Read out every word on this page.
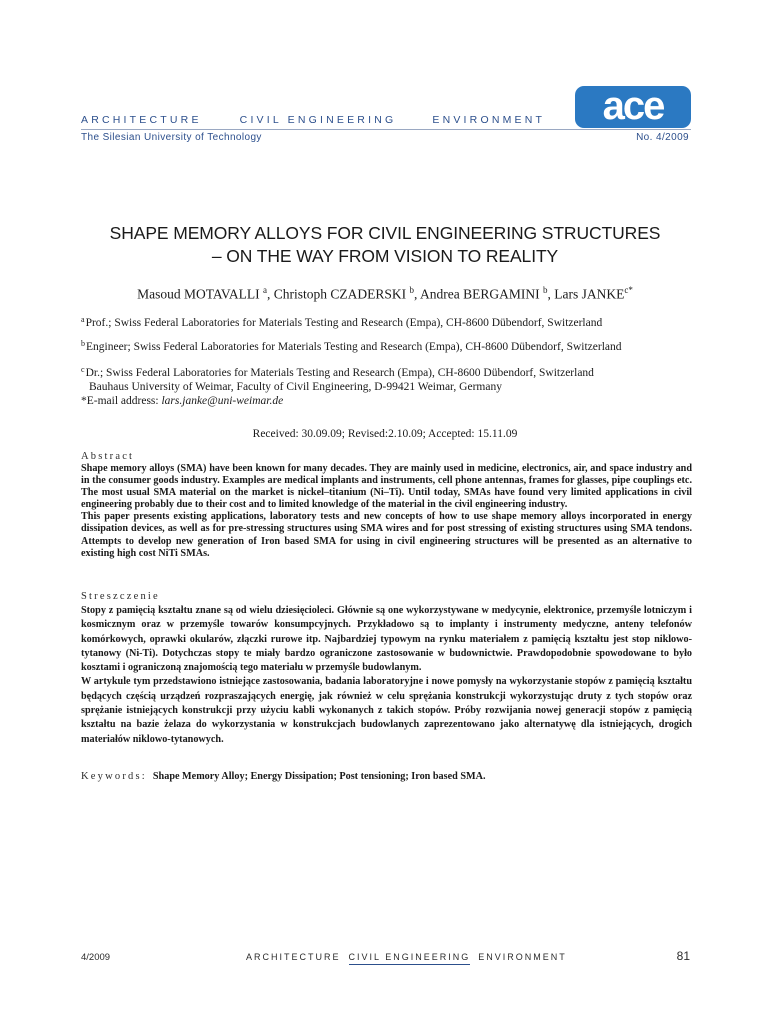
ARCHITECTURE	CIVIL ENGINEERING	ENVIRONMENT ace
The Silesian University of Technology	No. 4/2009
SHAPE MEMORY ALLOYS FOR CIVIL ENGINEERING STRUCTURES
– ON THE WAY FROM VISION TO REALITY
Masoud MOTAVALLI $^a$, Christoph CZADERSKI $^b$, Andrea BERGAMINI $^b$, Lars $JANKE^{c*}$
$^a$Prof.; Swiss Federal Laboratories for Materials Testing and Research (Empa), CH-8600 Dübendorf, Switzerland
$^b$Engineer; Swiss Federal Laboratories for Materials Testing and Research (Empa), CH-8600 Dübendorf, Switzerland
$^c$Dr.; Swiss Federal Laboratories for Materials Testing and Research (Empa), CH-8600 Dübendorf, Switzerland
Bauhaus University of Weimar, Faculty of Civil Engineering, D-99421 Weimar, Germany
*E-mail address: lars.janke@uni-weimar.de
Received: 30.09.09; Revised:2.10.09; Accepted: 15.11.09
Abstract

Shape memory alloys (SMA) have been known for many decades. They are mainly used in medicine, electronics, air, and space industry and in the consumer goods industry. Examples are medical implants and instruments, cell phone antennas, frames for glasses, pipe couplings etc. The most usual SMA material on the market is nickel–titanium (Ni–Ti). Until today, SMAs have found very limited applications in civil engineering probably due to their cost and to limited knowledge of the material in the civil engineering industry.

This paper presents existing applications, laboratory tests and new concepts of how to use shape memory alloys incorporated in energy dissipation devices, as well as for pre-stressing structures using SMA wires and for post stressing of existing structures using SMA tendons. Attempts to develop new generation of Iron based SMA for using in civil engineering structures will be presented as an alternative to existing high cost NiTi SMAs.

Streszczenie

Stopy z pamięcią kształtu znane są od wielu dziesięcioleci. Głównie są one wykorzystywane w medycynie, elektronice, przemyśle lotniczym i kosmicznym oraz w przemyśle towarów konsumpcyjnych. Przykładowo są to implanty i instrumenty medyczne, anteny telefonów komórkowych, oprawki okularów, złączki rurowe itp. Najbardziej typowym na rynku materiałem z pamięcią kształtu jest stop niklowo-tytanowy (Ni-Ti). Dotychczas stopy te miały bardzo ograniczone zastosowanie w budownictwie. Prawdopodobnie spowodowane to było kosztami i ograniczoną znajomością tego materiału w przemyśle budowlanym.

W artykule tym przedstawiono istniejące zastosowania, badania laboratoryjne i nowe pomysły na wykorzystanie stopów z pamięcią kształtu będących częścią urządzeń rozpraszających energię, jak również w celu sprężania konstrukcji wykorzystując druty z tych stopów oraz sprężanie istniejących konstrukcji przy użyciu kabli wykonanych z takich stopów. Próby rozwijania nowej generacji stopów z pamięcią kształtu na bazie żelaza do wykorzystania w konstrukcjach budowlanych zaprezentowano jako alternatywę dla istniejących, drogich materiałów niklowo-tytanowych.

Keywords: Shape Memory Alloy; Energy Dissipation; Post tensioning; Iron based SMA.
4/2009	ARCHITECTURE CIVIL ENGINEERING ENVIRONMENT	81
